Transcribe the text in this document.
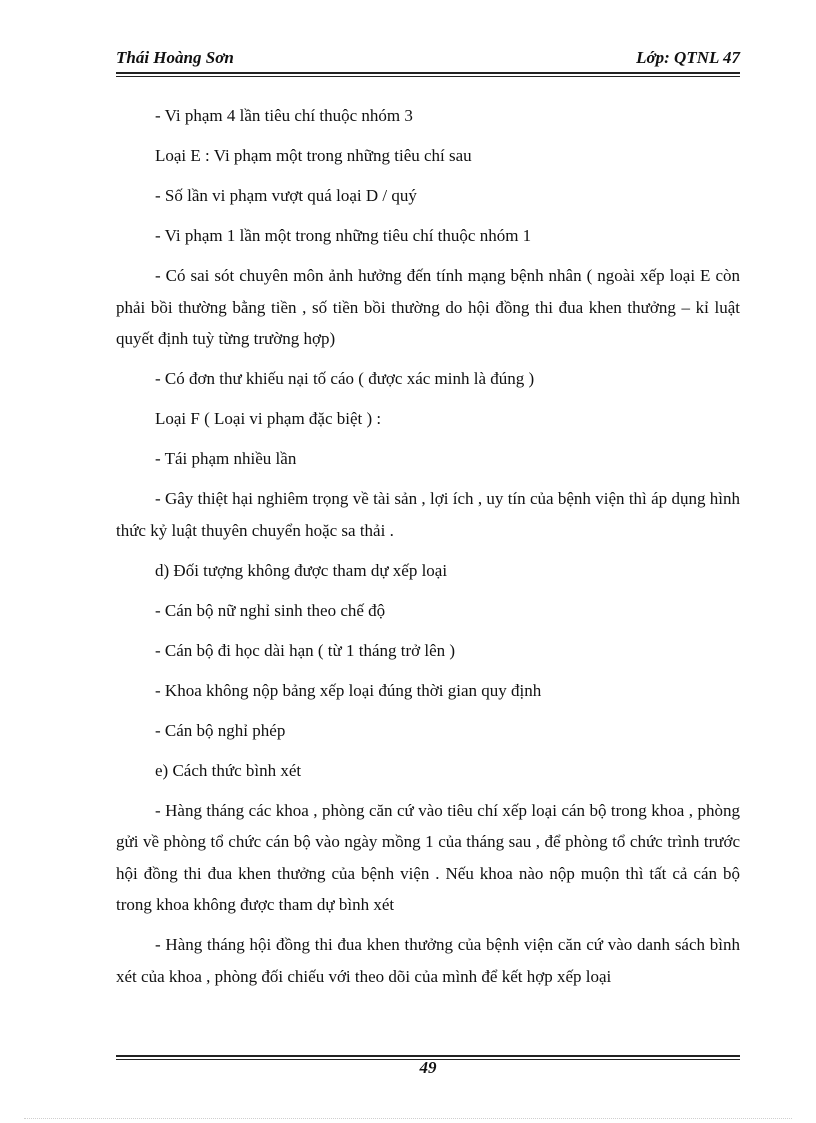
Thái Hoàng Sơn	Lớp: QTNL 47

- Vi phạm 4 lần tiêu chí thuộc nhóm 3

Loại E : Vi phạm một trong những tiêu chí sau

- Số lần vi phạm vượt quá loại D / quý

- Vi phạm 1 lần một trong những tiêu chí thuộc nhóm 1

- Có sai sót chuyên môn ảnh hưởng đến tính mạng bệnh nhân ( ngoài xếp loại E còn phải bồi thường bằng tiền , số tiền bồi thường do hội đồng thi đua khen thưởng – kỉ luật quyết định tuỳ từng trường hợp)

- Có đơn thư khiếu nại tố cáo ( được xác minh là đúng )

Loại F ( Loại vi phạm đặc biệt ) :

- Tái phạm nhiều lần

- Gây thiệt hại nghiêm trọng về tài sản , lợi ích , uy tín của bệnh viện thì áp dụng hình thức kỷ luật thuyên chuyển hoặc sa thải .

d) Đối tượng không được tham dự xếp loại

- Cán bộ nữ nghỉ sinh theo chế độ

- Cán bộ đi học dài hạn ( từ 1 tháng trở lên )

- Khoa không nộp bảng xếp loại đúng thời gian quy định

- Cán bộ nghỉ phép

e) Cách thức bình xét

- Hàng tháng các khoa , phòng căn cứ vào tiêu chí xếp loại cán bộ trong khoa , phòng gửi về phòng tổ chức cán bộ vào ngày mồng 1 của tháng sau , để phòng tổ chức trình trước hội đồng thi đua khen thưởng của bệnh viện . Nếu khoa nào nộp muộn thì tất cả cán bộ trong khoa không được tham dự bình xét

- Hàng tháng hội đồng thi đua khen thưởng của bệnh viện căn cứ vào danh sách bình xét của khoa , phòng đối chiếu với theo dõi của mình để kết hợp xếp loại

49
